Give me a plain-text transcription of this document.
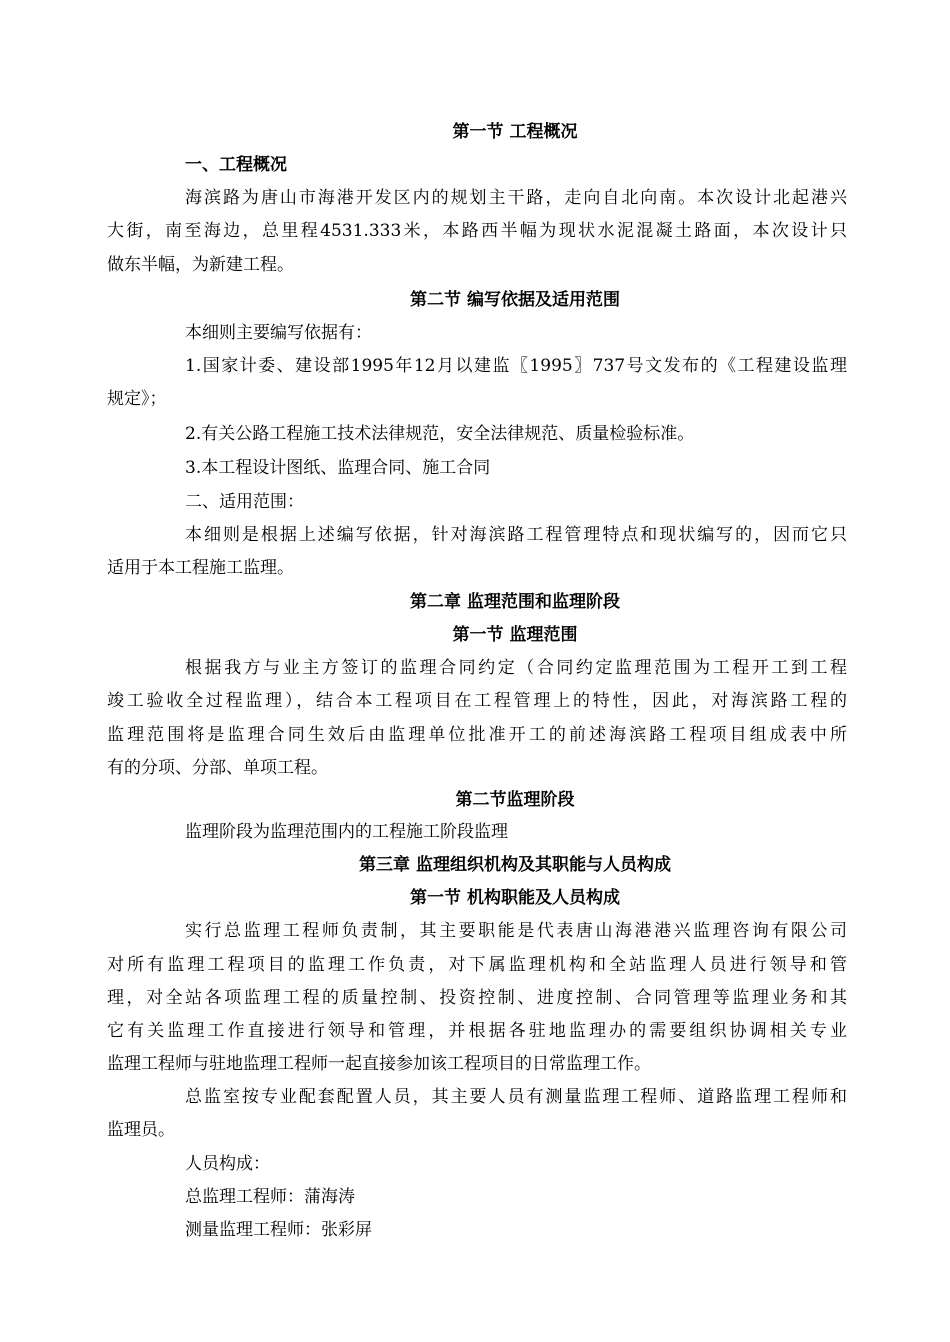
第一节 工程概况

一、工程概况

海滨路为唐山市海港开发区内的规划主干路，走向自北向南。本次设计北起港兴

大街，南至海边，总里程4531.333米，本路西半幅为现状水泥混凝土路面，本次设计只

做东半幅，为新建工程。

第二节 编写依据及适用范围

本细则主要编写依据有：

1.国家计委、建设部1995年12月以建监〖1995〗737号文发布的《工程建设监理

规定》；

2.有关公路工程施工技术法律规范，安全法律规范、质量检验标准。

3.本工程设计图纸、监理合同、施工合同

二、适用范围：

本细则是根据上述编写依据，针对海滨路工程管理特点和现状编写的，因而它只

适用于本工程施工监理。

第二章 监理范围和监理阶段

第一节 监理范围

根据我方与业主方签订的监理合同约定（合同约定监理范围为工程开工到工程

竣工验收全过程监理），结合本工程项目在工程管理上的特性，因此，对海滨路工程的

监理范围将是监理合同生效后由监理单位批准开工的前述海滨路工程项目组成表中所

有的分项、分部、单项工程。

第二节监理阶段

监理阶段为监理范围内的工程施工阶段监理

第三章 监理组织机构及其职能与人员构成

第一节 机构职能及人员构成

实行总监理工程师负责制，其主要职能是代表唐山海港港兴监理咨询有限公司

对所有监理工程项目的监理工作负责，对下属监理机构和全站监理人员进行领导和管

理，对全站各项监理工程的质量控制、投资控制、进度控制、合同管理等监理业务和其

它有关监理工作直接进行领导和管理，并根据各驻地监理办的需要组织协调相关专业

监理工程师与驻地监理工程师一起直接参加该工程项目的日常监理工作。

总监室按专业配套配置人员，其主要人员有测量监理工程师、道路监理工程师和

监理员。

人员构成：

总监理工程师：蒲海涛

测量监理工程师：张彩屏
